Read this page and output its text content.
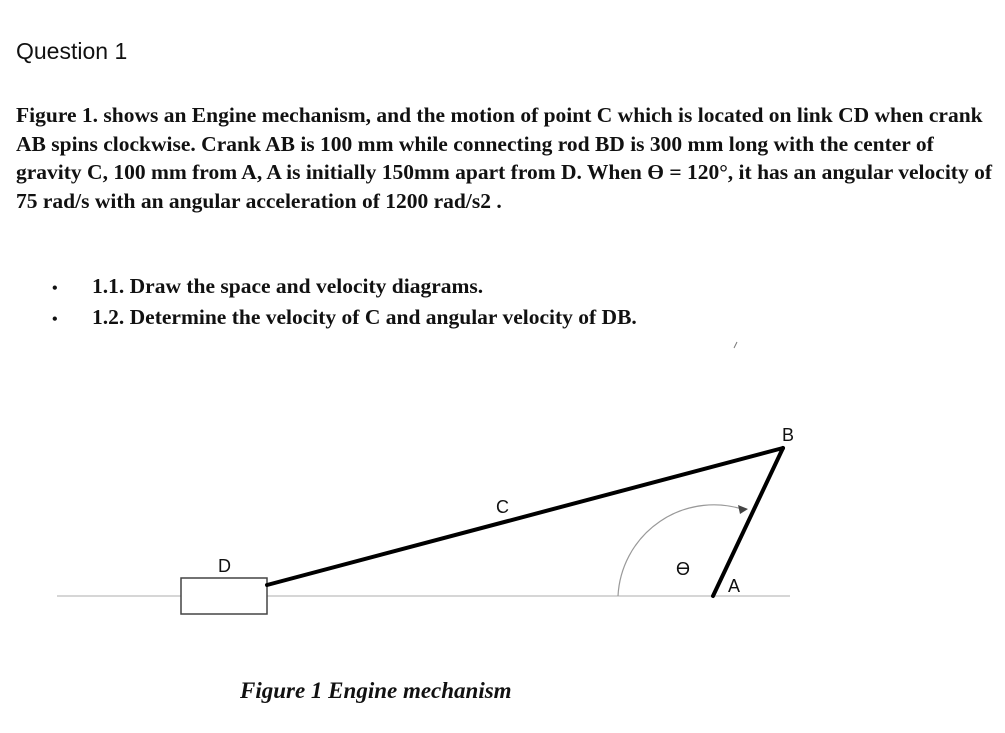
Question 1

Figure 1. shows an Engine mechanism, and the motion of point C which is located on link CD when crank AB spins clockwise. Crank AB is 100 mm while connecting rod BD is 300 mm long with the center of gravity C, 100 mm from A, A is initially 150mm apart from D. When ϴ = 120°, it has an angular velocity of 75 rad/s with an angular acceleration of 1200 rad/s2 .

•	1.1. Draw the space and velocity diagrams.
•	1.2. Determine the velocity of C and angular velocity of DB.
B
C
D
A
ϴ
Figure 1 Engine mechanism
